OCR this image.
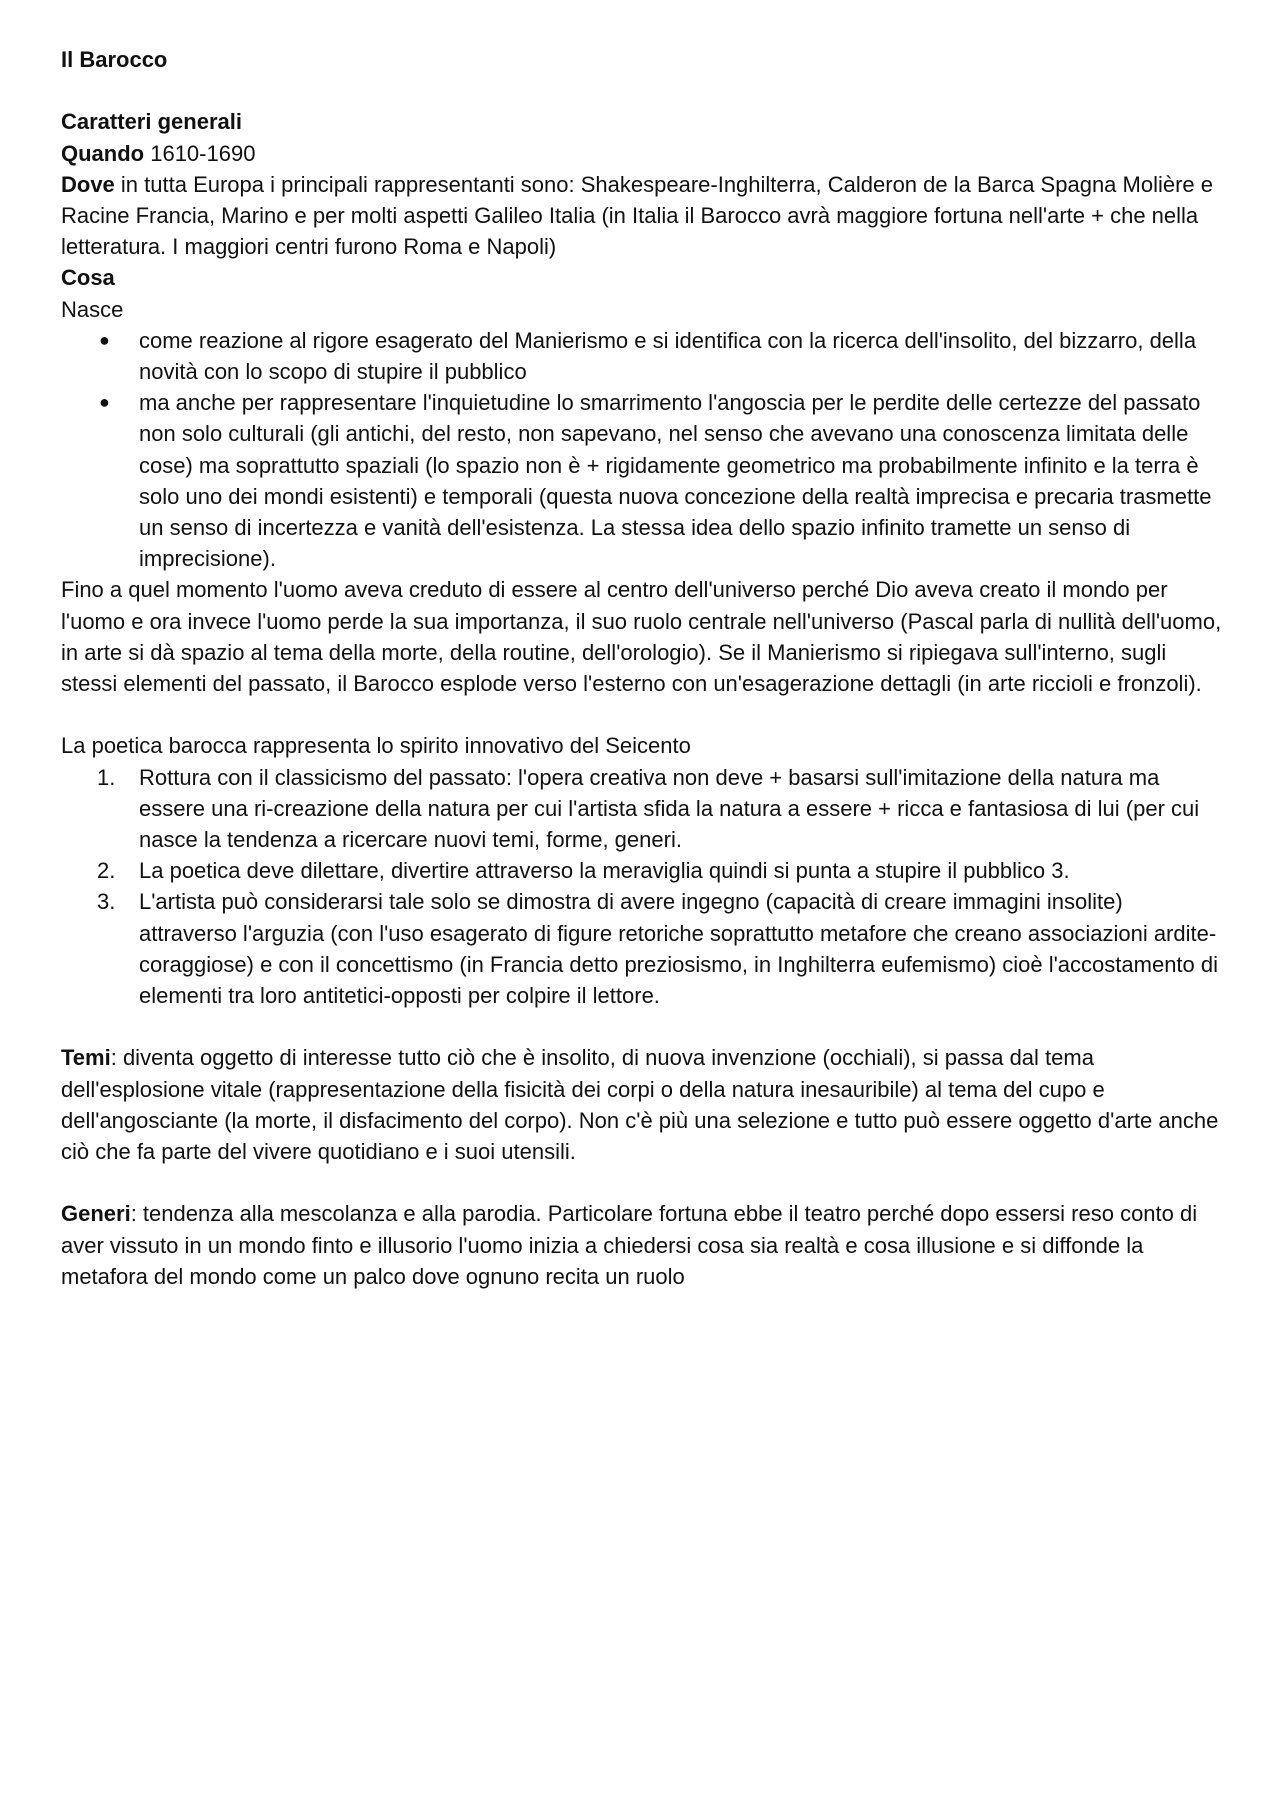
Il Barocco

Caratteri generali

Quando 1610-1690

Dove in tutta Europa i principali rappresentanti sono: Shakespeare-Inghilterra, Calderon de la Barca Spagna Molière e Racine Francia, Marino e per molti aspetti Galileo Italia (in Italia il Barocco avrà maggiore fortuna nell'arte + che nella letteratura. I maggiori centri furono Roma e Napoli)

Cosa

Nasce

● come reazione al rigore esagerato del Manierismo e si identifica con la ricerca dell'insolito, del bizzarro, della novità con lo scopo di stupire il pubblico
● ma anche per rappresentare l'inquietudine lo smarrimento l'angoscia per le perdite delle certezze del passato non solo culturali (gli antichi, del resto, non sapevano, nel senso che avevano una conoscenza limitata delle cose) ma soprattutto spaziali (lo spazio non è + rigidamente geometrico ma probabilmente infinito e la terra è solo uno dei mondi esistenti) e temporali (questa nuova concezione della realtà imprecisa e precaria trasmette un senso di incertezza e vanità dell'esistenza. La stessa idea dello spazio infinito tramette un senso di imprecisione).

Fino a quel momento l'uomo aveva creduto di essere al centro dell'universo perché Dio aveva creato il mondo per l'uomo e ora invece l'uomo perde la sua importanza, il suo ruolo centrale nell'universo (Pascal parla di nullità dell'uomo, in arte si dà spazio al tema della morte, della routine, dell'orologio). Se il Manierismo si ripiegava sull'interno, sugli stessi elementi del passato, il Barocco esplode verso l'esterno con un'esagerazione dettagli (in arte riccioli e fronzoli).

La poetica barocca rappresenta lo spirito innovativo del Seicento

1. Rottura con il classicismo del passato: l'opera creativa non deve + basarsi sull'imitazione della natura ma essere una ri-creazione della natura per cui l'artista sfida la natura a essere + ricca e fantasiosa di lui (per cui nasce la tendenza a ricercare nuovi temi, forme, generi.
2. La poetica deve dilettare, divertire attraverso la meraviglia quindi si punta a stupire il pubblico 3.
3. L'artista può considerarsi tale solo se dimostra di avere ingegno (capacità di creare immagini insolite) attraverso l'arguzia (con l'uso esagerato di figure retoriche soprattutto metafore che creano associazioni ardite-coraggiose) e con il concettismo (in Francia detto preziosismo, in Inghilterra eufemismo) cioè l'accostamento di elementi tra loro antitetici-opposti per colpire il lettore.

Temi: diventa oggetto di interesse tutto ciò che è insolito, di nuova invenzione (occhiali), si passa dal tema dell'esplosione vitale (rappresentazione della fisicità dei corpi o della natura inesauribile) al tema del cupo e dell'angosciante (la morte, il disfacimento del corpo). Non c'è più una selezione e tutto può essere oggetto d'arte anche ciò che fa parte del vivere quotidiano e i suoi utensili.

Generi: tendenza alla mescolanza e alla parodia. Particolare fortuna ebbe il teatro perché dopo essersi reso conto di aver vissuto in un mondo finto e illusorio l'uomo inizia a chiedersi cosa sia realtà e cosa illusione e si diffonde la metafora del mondo come un palco dove ognuno recita un ruolo
